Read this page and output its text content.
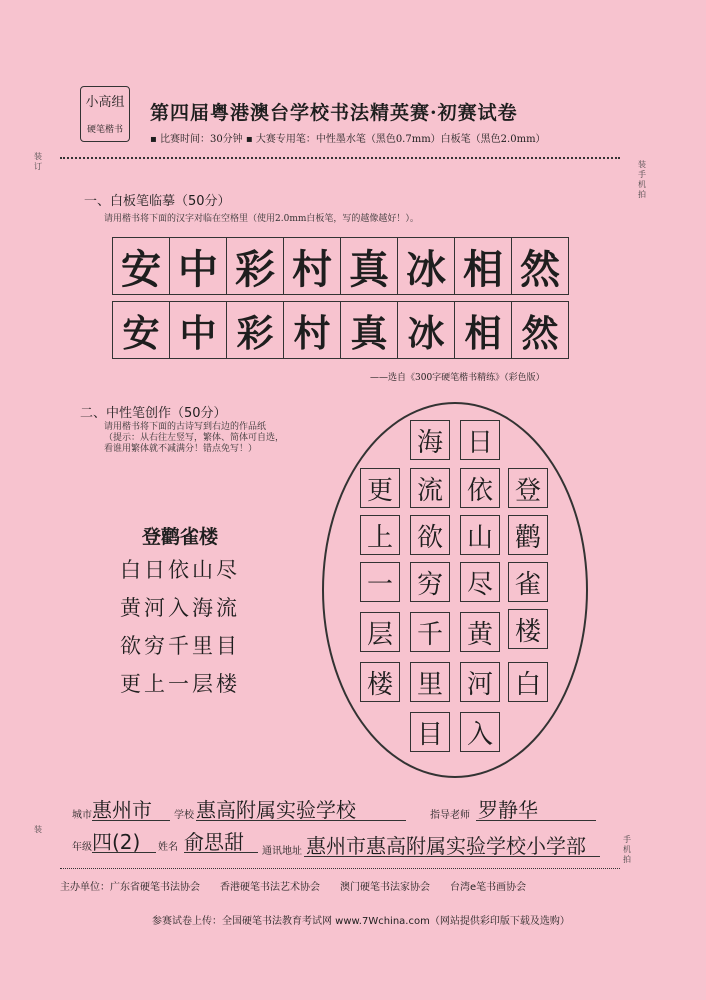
小高组
硬笔楷书
第四届粤港澳台学校书法精英赛·初赛试卷
▪ 比赛时间：30分钟 ▪ 大赛专用笔：中性墨水笔（黑色0.7mm）白板笔（黑色2.0mm）
装
订	装
手机拍
装
手机拍
一、白板笔临摹（50分）
请用楷书将下面的汉字对临在空格里（使用2.0mm白板笔，写的越像越好！）。
安 中 彩 村 真 冰 相 然
安 中 彩 村 真 冰 相 然
——选自《300字硬笔楷书精练》（彩色版）
二、中性笔创作（50分）
请用楷书将下面的古诗写到右边的作品纸
（提示：从右往左竖写，繁体、简体可自选，
看谁用繁体就不减满分！错点免写！）
登鹳雀楼
白日依山尽
黄河入海流
欲穷千里目
更上一层楼
登
鹳
雀
楼
白
日
依
山
尽
黄
河
入
海
流
欲
穷
千
里
目
更
上
一
层
楼
城市 惠州市 学校 惠高附属实验学校	指导老师 罗静华
年级 四(2) 姓名 俞思甜 通讯地址 惠州市惠高附属实验学校小学部
主办单位：广东省硬笔书法协会　　香港硬笔书法艺术协会　　澳门硬笔书法家协会　　台湾e笔书画协会
参赛试卷上传：全国硬笔书法教育考试网 www.7Wchina.com（网站提供彩印版下载及选购）
